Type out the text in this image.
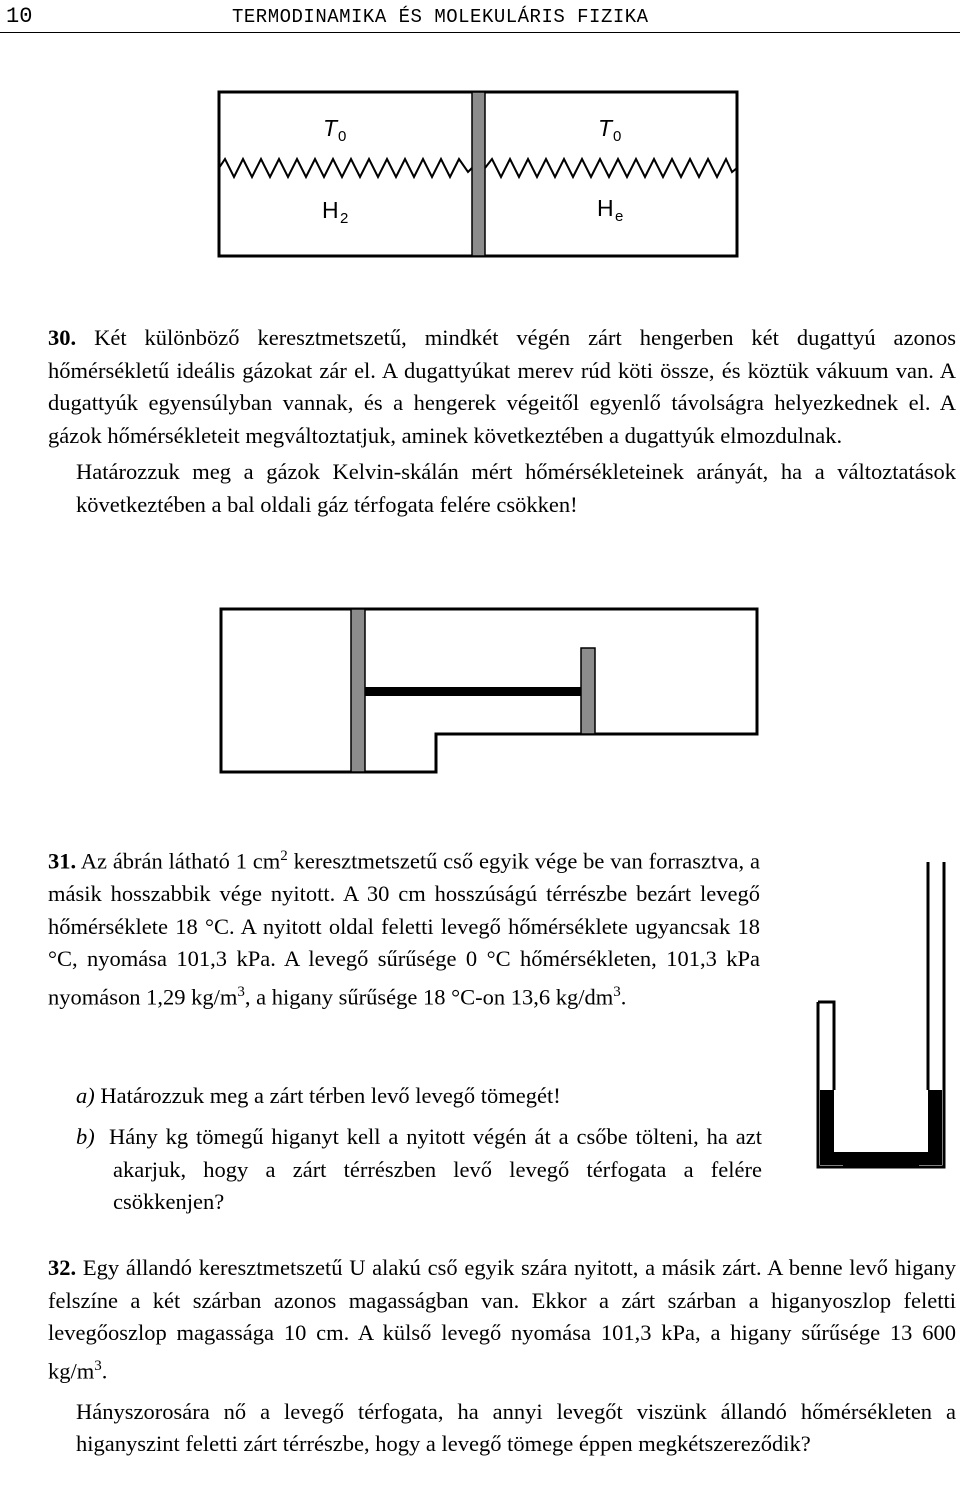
10	TERMODINAMIKA ÉS MOLEKULÁRIS FIZIKA
T 0	T 0
H 2	H e

30. Két különböző keresztmetszetű, mindkét végén zárt hengerben két dugattyú azonos hőmérsékletű ideális gázokat zár el. A dugattyúkat merev rúd köti össze, és köztük vákuum van. A dugattyúk egyensúlyban vannak, és a hengerek végeitől egyenlő távolságra helyezkednek el. A gázok hőmérsékleteit megváltoztatjuk, aminek következtében a dugattyúk elmozdulnak.

Határozzuk meg a gázok Kelvin-skálán mért hőmérsékleteinek arányát, ha a változtatások következtében a bal oldali gáz térfogata felére csökken!

31. Az ábrán látható 1 $cm^2$ keresztmetszetű cső egyik vége be van forrasztva, a másik hosszabbik vége nyitott. A 30 cm hosszúságú térrészbe bezárt levegő hőmérséklete 18 °C. A nyitott oldal feletti levegő hőmérséklete ugyancsak 18 °C, nyomása 101,3 kPa. A levegő sűrűsége 0 °C hőmérsékleten, 101,3 kPa nyomáson 1,29 $kg/m^3$, a higany sűrűsége 18 °C-on 13,6 $kg/dm^3$.

a) Határozzuk meg a zárt térben levő levegő tömegét!
b) Hány kg tömegű higanyt kell a nyitott végén át a csőbe tölteni, ha azt akarjuk, hogy a zárt térrészben levő levegő térfogata a felére csökkenjen?

32. Egy állandó keresztmetszetű U alakú cső egyik szára nyitott, a másik zárt. A benne levő higany felszíne a két szárban azonos magasságban van. Ekkor a zárt szárban a higanyoszlop feletti levegőoszlop magassága 10 cm. A külső levegő nyomása 101,3 kPa, a higany sűrűsége 13 600 $kg/m^3$.

Hányszorosára nő a levegő térfogata, ha annyi levegőt viszünk állandó hőmérsékleten a higanyszint feletti zárt térrészbe, hogy a levegő tömege éppen megkétszereződik?
